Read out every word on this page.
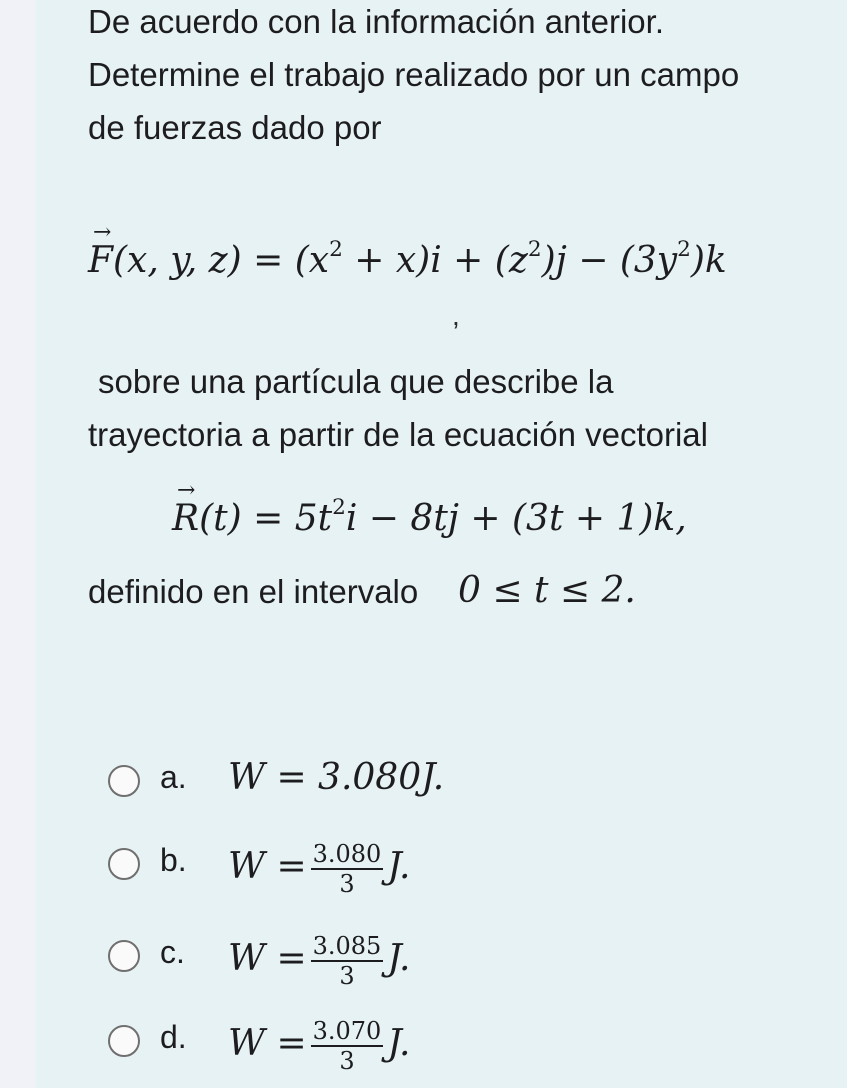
De acuerdo con la información anterior.
Determine el trabajo realizado por un campo
de fuerzas dado por
→
F(x, y, $z) = (x^2 + x)i + (z^2)j - (3y^2)k$
,
sobre una partícula que describe la
trayectoria a partir de la ecuación vectorial
→
$R(t) = 5t^2i - 8tj + (3t + 1)k$,
definido en el intervalo 0 ≤ t ≤ 2.
a. W = 3.080J.
b. $W = \frac{3.080}{3} J$.
c. $W = \frac{3.085}{3} J$.
d. $W = \frac{3.070}{3} J$.
